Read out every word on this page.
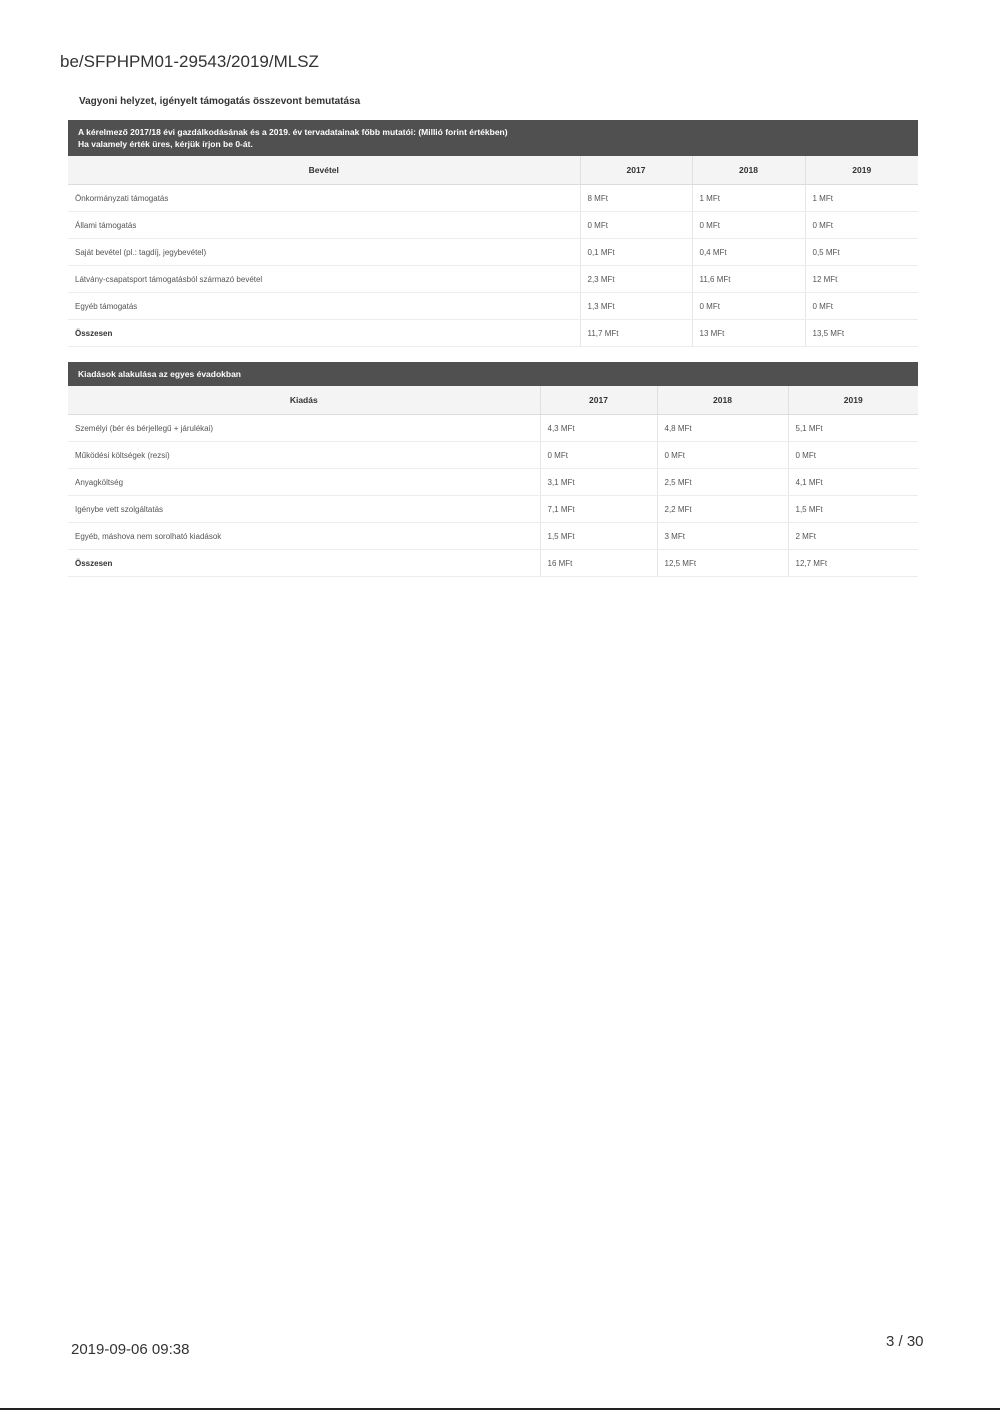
be/SFPHPM01-29543/2019/MLSZ
Vagyoni helyzet, igényelt támogatás összevont bemutatása
A kérelmező 2017/18 évi gazdálkodásának és a 2019. év tervadatainak főbb mutatói: (Millió forint értékben)
Ha valamely érték üres, kérjük írjon be 0-át.
Bevétel	2017	2018	2019
Önkormányzati támogatás	8 MFt	1 MFt	1 MFt
Állami támogatás	0 MFt	0 MFt	0 MFt
Saját bevétel (pl.: tagdíj, jegybevétel)	0,1 MFt	0,4 MFt	0,5 MFt
Látvány-csapatsport támogatásból származó bevétel	2,3 MFt	11,6 MFt	12 MFt
Egyéb támogatás	1,3 MFt	0 MFt	0 MFt
Összesen	11,7 MFt	13 MFt	13,5 MFt
Kiadások alakulása az egyes évadokban
Kiadás	2017	2018	2019
Személyi (bér és bérjellegű + járulékai)	4,3 MFt	4,8 MFt	5,1 MFt
Működési költségek (rezsi)	0 MFt	0 MFt	0 MFt
Anyagköltség	3,1 MFt	2,5 MFt	4,1 MFt
Igénybe vett szolgáltatás	7,1 MFt	2,2 MFt	1,5 MFt
Egyéb, máshova nem sorolható kiadások	1,5 MFt	3 MFt	2 MFt
Összesen	16 MFt	12,5 MFt	12,7 MFt
2019-09-06 09:38	3 / 30
